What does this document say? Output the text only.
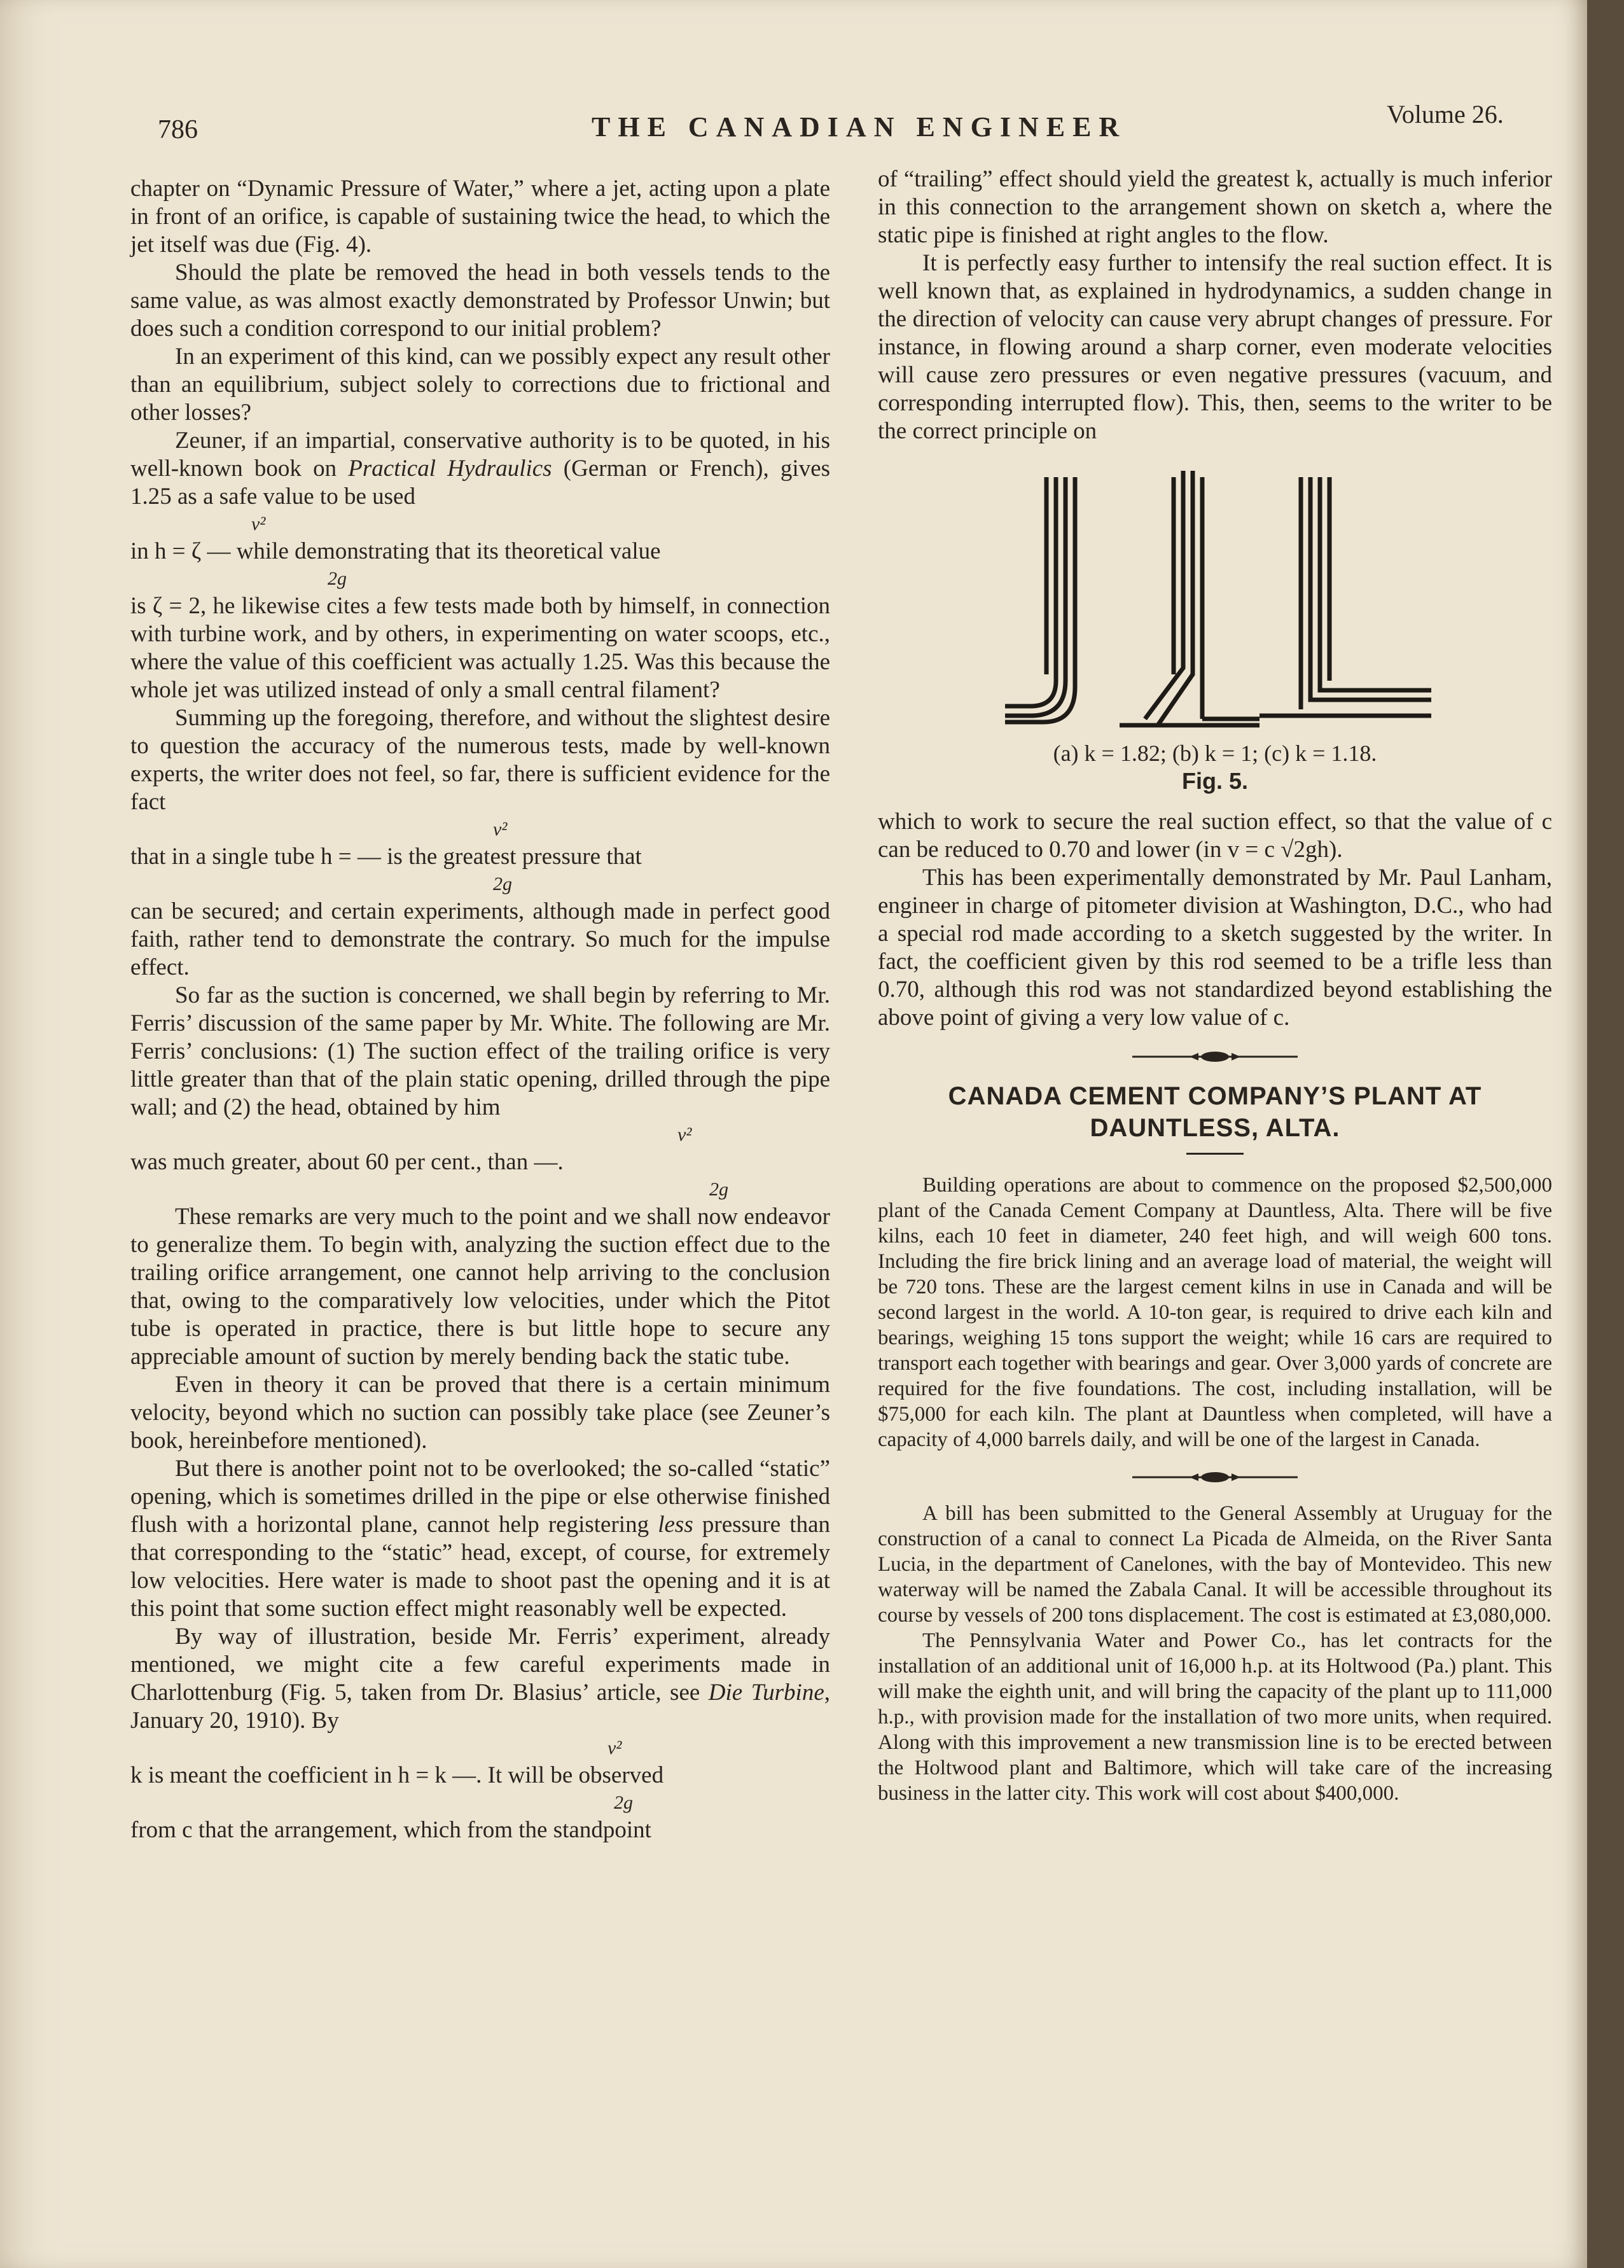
786	THE CANADIAN ENGINEER	Volume 26.

chapter on “Dynamic Pressure of Water,” where a jet, acting upon a plate in front of an orifice, is capable of sustaining twice the head, to which the jet itself was due (Fig. 4).

Should the plate be removed the head in both vessels tends to the same value, as was almost exactly demonstrated by Professor Unwin; but does such a condition correspond to our initial problem?

In an experiment of this kind, can we possibly expect any result other than an equilibrium, subject solely to corrections due to frictional and other losses?

Zeuner, if an impartial, conservative authority is to be quoted, in his well-known book on Practical Hydraulics (German or French), gives 1.25 as a safe value to be used

v²
in h = ζ — while demonstrating that its theoretical value
2g

is ζ = 2, he likewise cites a few tests made both by himself, in connection with turbine work, and by others, in experimenting on water scoops, etc., where the value of this coefficient was actually 1.25. Was this because the whole jet was utilized instead of only a small central filament?

Summing up the foregoing, therefore, and without the slightest desire to question the accuracy of the numerous tests, made by well-known experts, the writer does not feel, so far, there is sufficient evidence for the fact

v²
that in a single tube h = — is the greatest pressure that
2g

can be secured; and certain experiments, although made in perfect good faith, rather tend to demonstrate the contrary. So much for the impulse effect.

So far as the suction is concerned, we shall begin by referring to Mr. Ferris’ discussion of the same paper by Mr. White. The following are Mr. Ferris’ conclusions: (1) The suction effect of the trailing orifice is very little greater than that of the plain static opening, drilled through the pipe wall; and (2) the head, obtained by him

v²
was much greater, about 60 per cent., than —.
2g

These remarks are very much to the point and we shall now endeavor to generalize them. To begin with, analyzing the suction effect due to the trailing orifice arrangement, one cannot help arriving to the conclusion that, owing to the comparatively low velocities, under which the Pitot tube is operated in practice, there is but little hope to secure any appreciable amount of suction by merely bending back the static tube.

Even in theory it can be proved that there is a certain minimum velocity, beyond which no suction can possibly take place (see Zeuner’s book, hereinbefore mentioned).

But there is another point not to be overlooked; the so-called “static” opening, which is sometimes drilled in the pipe or else otherwise finished flush with a horizontal plane, cannot help registering less pressure than that corresponding to the “static” head, except, of course, for extremely low velocities. Here water is made to shoot past the opening and it is at this point that some suction effect might reasonably well be expected.

By way of illustration, beside Mr. Ferris’ experiment, already mentioned, we might cite a few careful experiments made in Charlottenburg (Fig. 5, taken from Dr. Blasius’ article, see Die Turbine, January 20, 1910). By

v²
k is meant the coefficient in h = k —. It will be observed
2g

from c that the arrangement, which from the standpoint

of “trailing” effect should yield the greatest k, actually is much inferior in this connection to the arrangement shown on sketch a, where the static pipe is finished at right angles to the flow.

It is perfectly easy further to intensify the real suction effect. It is well known that, as explained in hydrodynamics, a sudden change in the direction of velocity can cause very abrupt changes of pressure. For instance, in flowing around a sharp corner, even moderate velocities will cause zero pressures or even negative pressures (vacuum, and corresponding interrupted flow). This, then, seems to the writer to be the correct principle on

(a) k = 1.82; (b) k = 1; (c) k = 1.18.
Fig. 5.

which to work to secure the real suction effect, so that the value of c can be reduced to 0.70 and lower (in v = c √2gh).

This has been experimentally demonstrated by Mr. Paul Lanham, engineer in charge of pitometer division at Washington, D.C., who had a special rod made according to a sketch suggested by the writer. In fact, the coefficient given by this rod seemed to be a trifle less than 0.70, although this rod was not standardized beyond establishing the above point of giving a very low value of c.

CANADA CEMENT COMPANY’S PLANT AT DAUNTLESS, ALTA.

Building operations are about to commence on the proposed $2,500,000 plant of the Canada Cement Company at Dauntless, Alta. There will be five kilns, each 10 feet in diameter, 240 feet high, and will weigh 600 tons. Including the fire brick lining and an average load of material, the weight will be 720 tons. These are the largest cement kilns in use in Canada and will be second largest in the world. A 10-ton gear, is required to drive each kiln and bearings, weighing 15 tons support the weight; while 16 cars are required to transport each together with bearings and gear. Over 3,000 yards of concrete are required for the five foundations. The cost, including installation, will be $75,000 for each kiln. The plant at Dauntless when completed, will have a capacity of 4,000 barrels daily, and will be one of the largest in Canada.

A bill has been submitted to the General Assembly at Uruguay for the construction of a canal to connect La Picada de Almeida, on the River Santa Lucia, in the department of Canelones, with the bay of Montevideo. This new waterway will be named the Zabala Canal. It will be accessible throughout its course by vessels of 200 tons displacement. The cost is estimated at £3,080,000.

The Pennsylvania Water and Power Co., has let contracts for the installation of an additional unit of 16,000 h.p. at its Holtwood (Pa.) plant. This will make the eighth unit, and will bring the capacity of the plant up to 111,000 h.p., with provision made for the installation of two more units, when required. Along with this improvement a new transmission line is to be erected between the Holtwood plant and Baltimore, which will take care of the increasing business in the latter city. This work will cost about $400,000.
